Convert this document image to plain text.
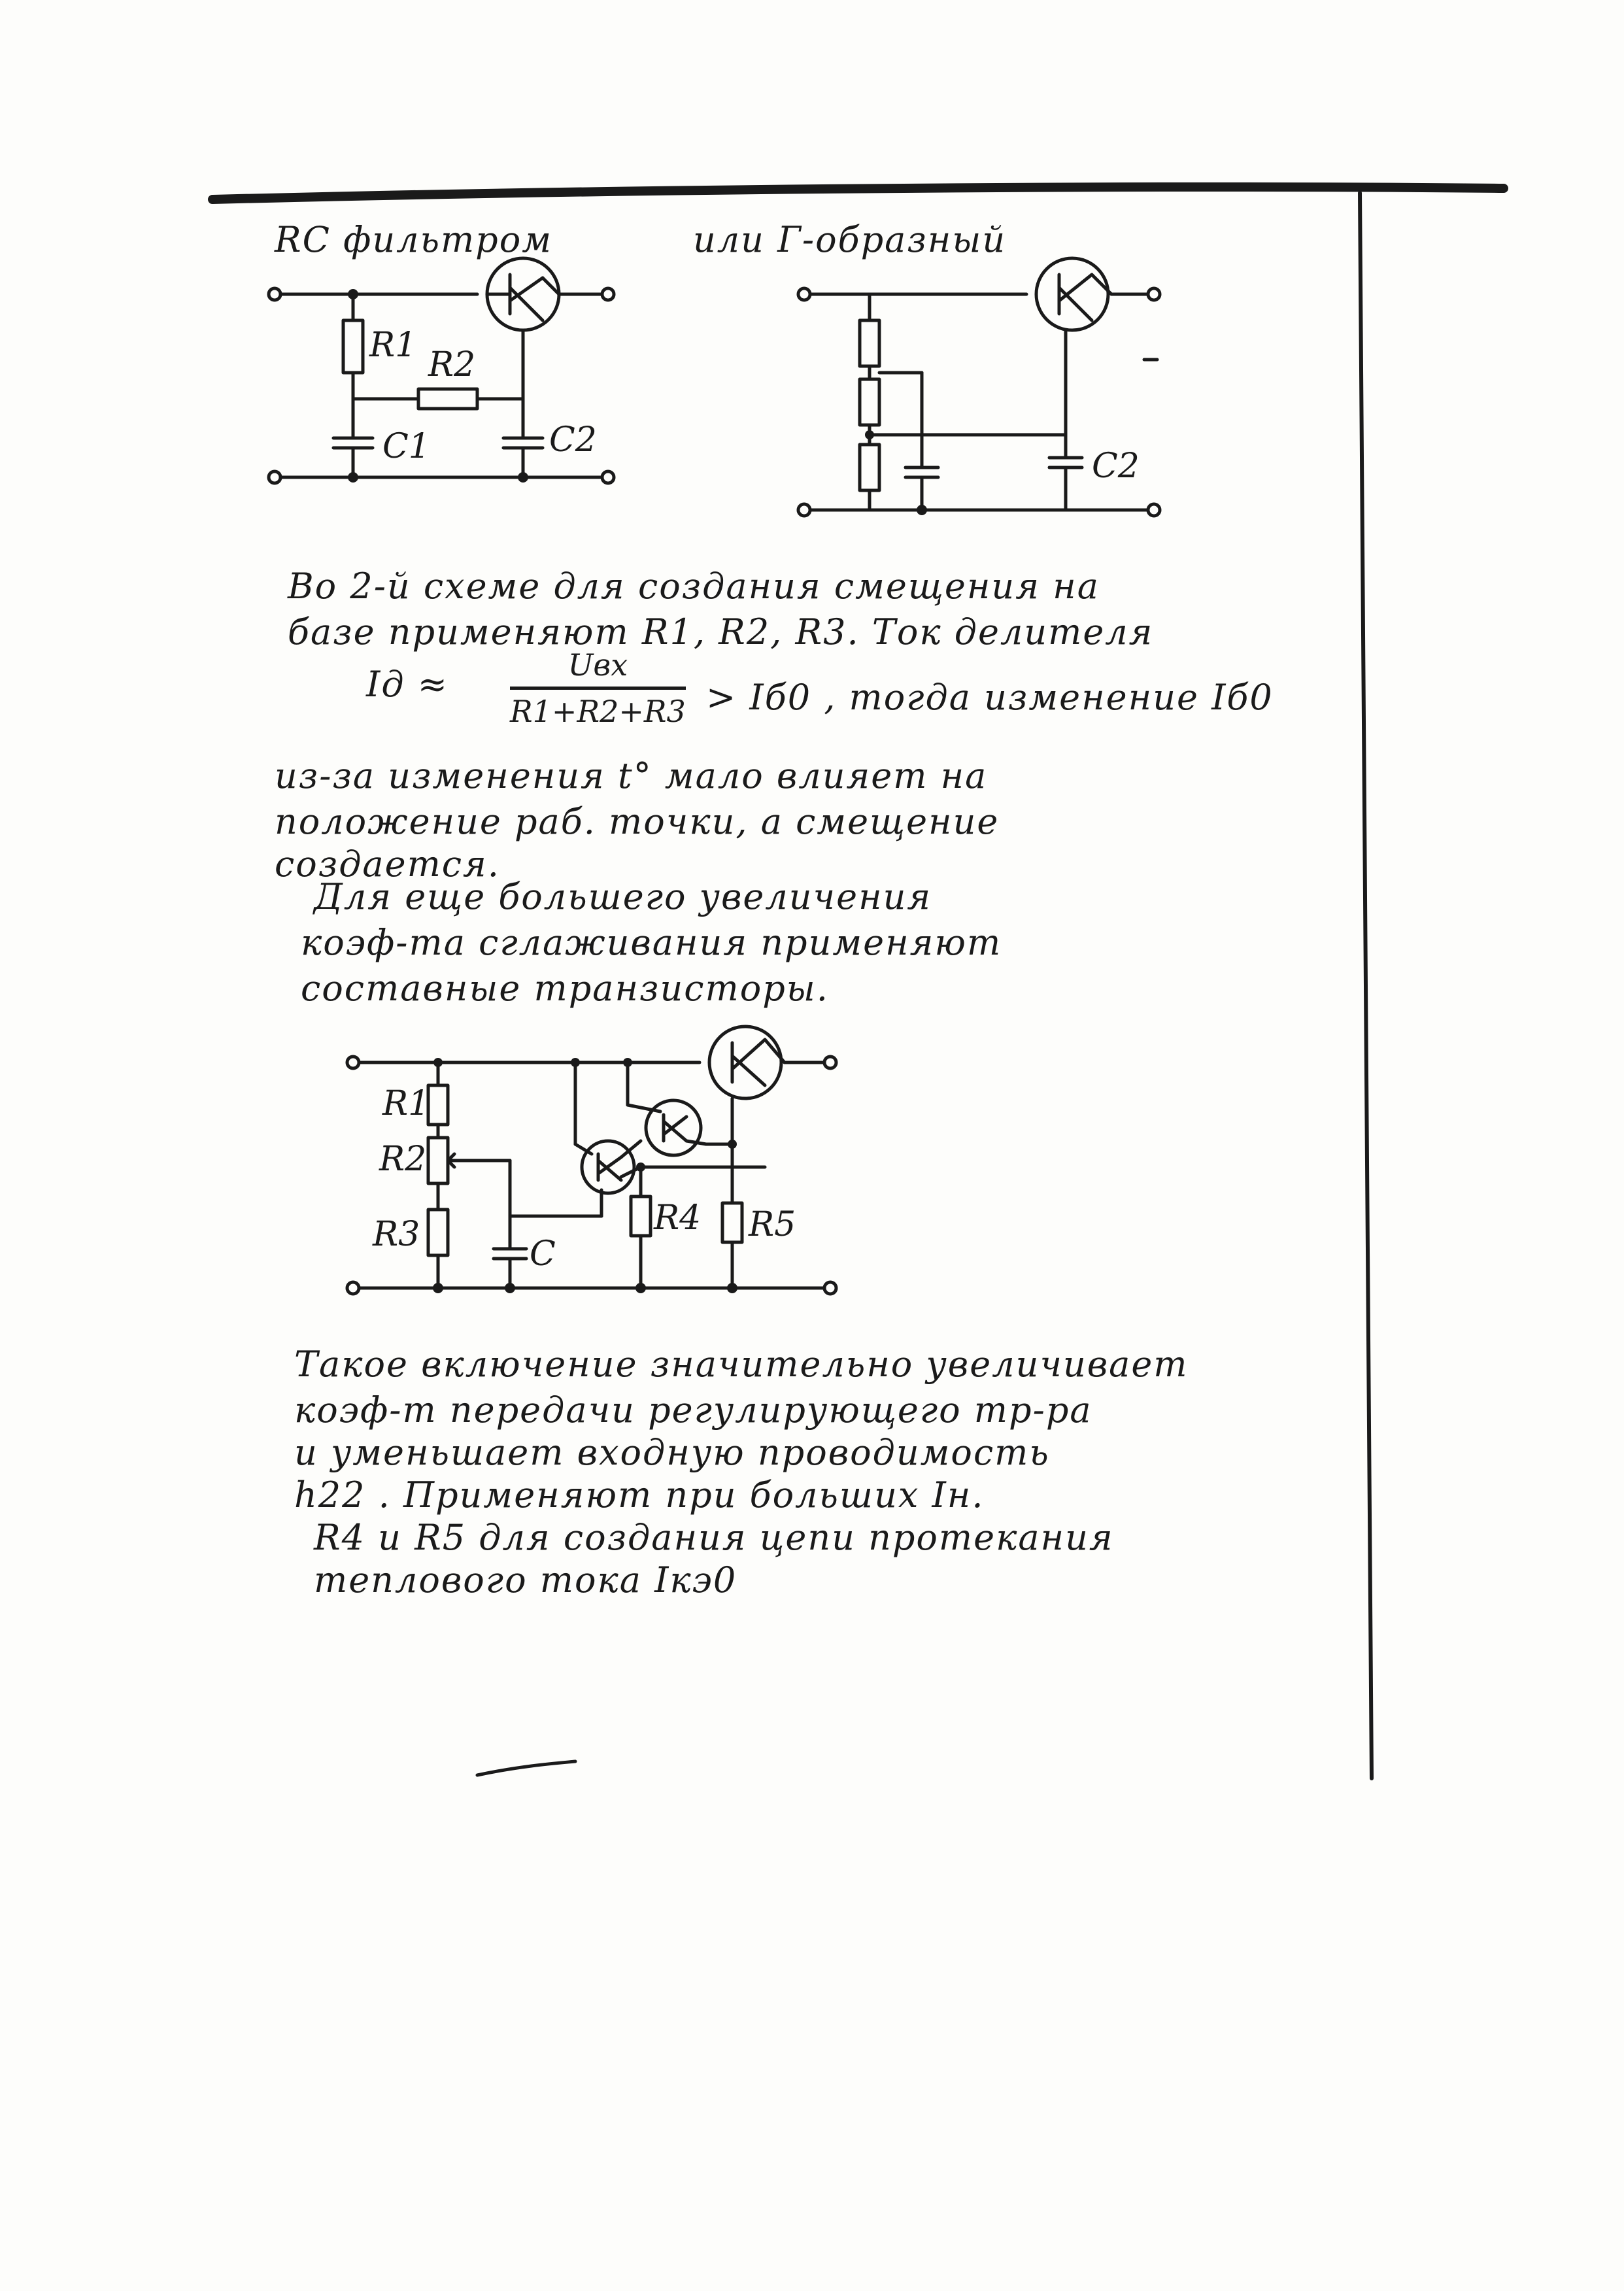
RC фильтром	или Г-образный
R1 R2
C1	C2
C2
Во 2-й схеме для создания смещения на
базе применяют R1, R2, R3. Ток делителя
Iд ≈	Uвх
R1+R2+R3 > Iб0 , тогда изменение Iб0
из-за изменения t° мало влияет на
положение раб. точки, а смещение
создается.
Для еще большего увеличения
коэф-та сглаживания применяют
составные транзисторы.
R1
R2
R3	C
R4 R5
Такое включение значительно увеличивает
коэф-т передачи регулирующего тр-ра
и уменьшает входную проводимость
h22 . Применяют при больших Iн.
R4 и R5 для создания цепи протекания
теплового тока Iкэ0
